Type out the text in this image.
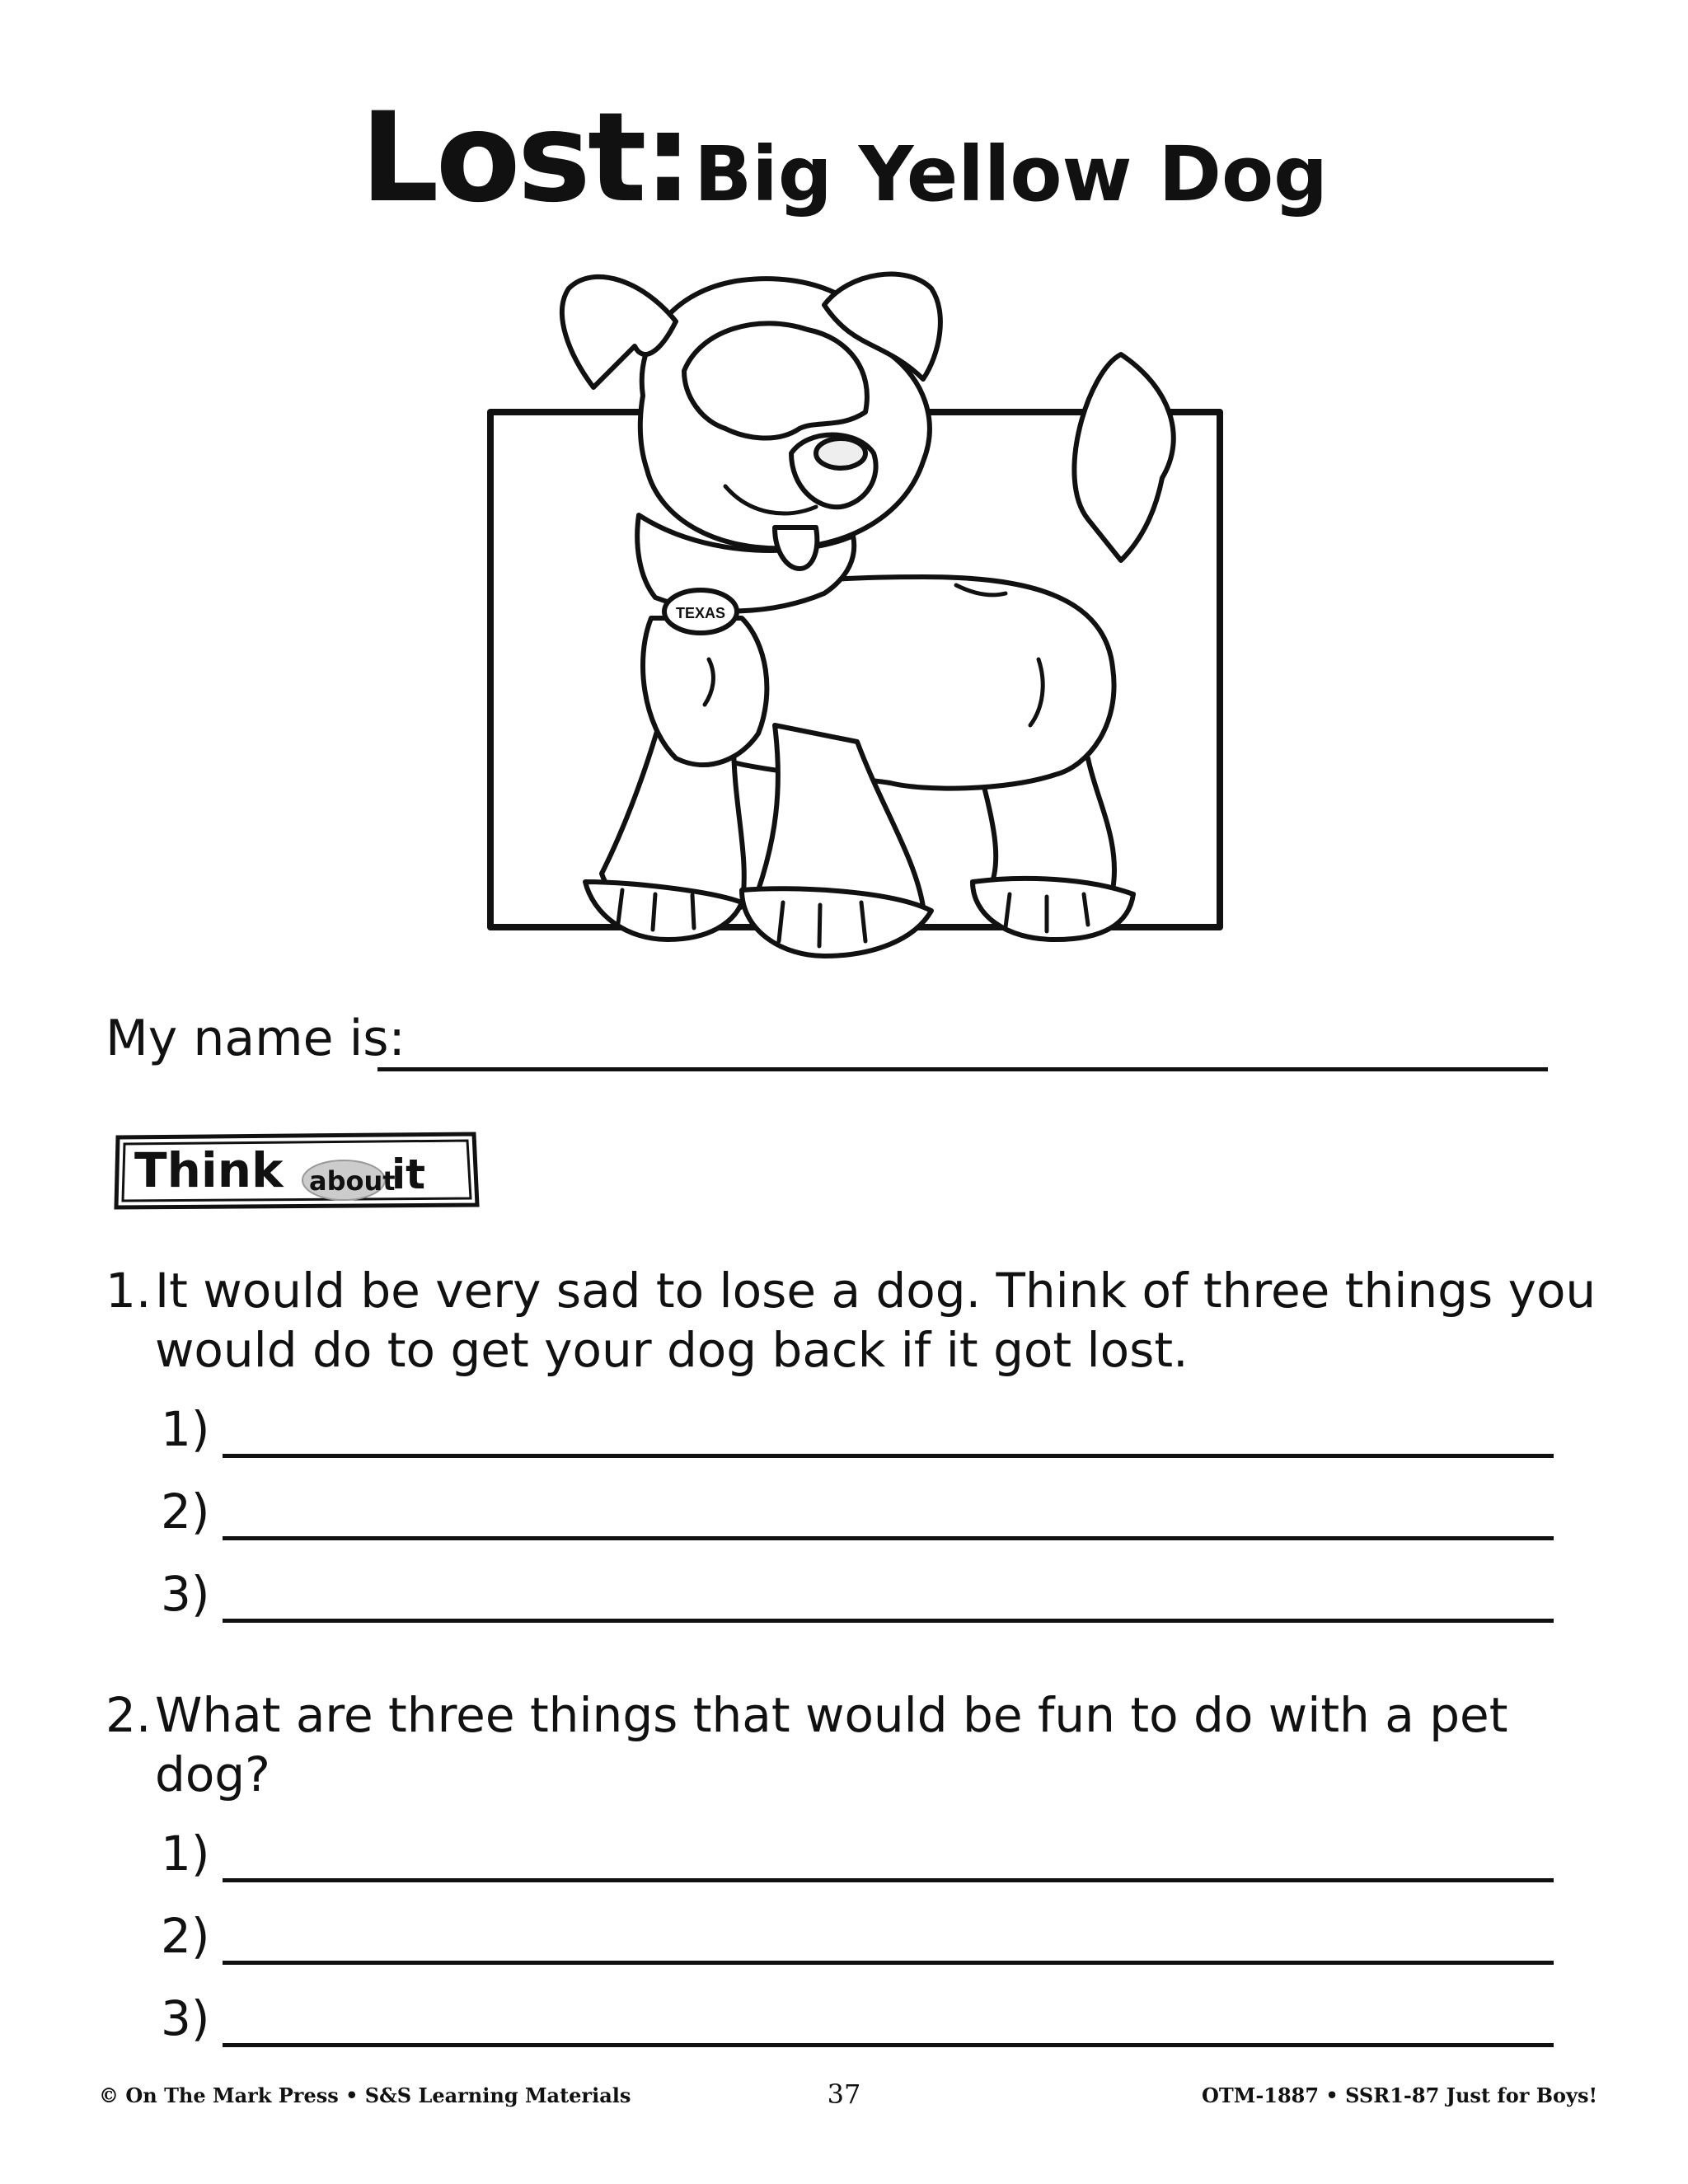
Lost: Big Yellow Dog
TEXAS
My name is:
Think about
it
1. It would be very sad to lose a dog. Think of three things you would do to get your dog back if it got lost.
1)
2)
3)
2. What are three things that would be fun to do with a pet dog?
1)
2)
3)
© On The Mark Press • S&S Learning Materials	37	OTM-1887 • SSR1-87 Just for Boys!
